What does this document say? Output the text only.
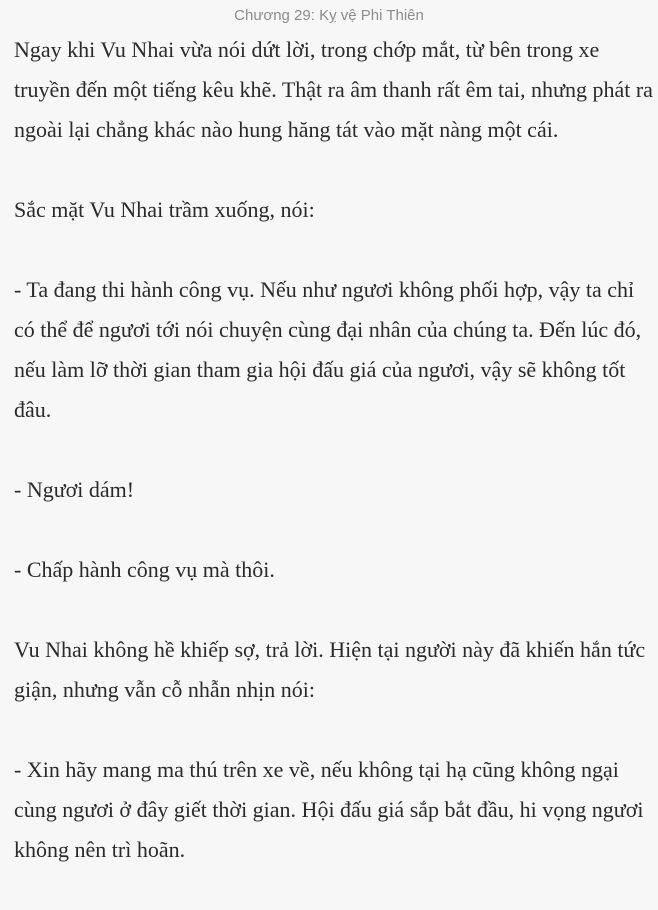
Chương 29: Kỵ vệ Phi Thiên

Ngay khi Vu Nhai vừa nói dứt lời, trong chớp mắt, từ bên trong xe truyền đến một tiếng kêu khẽ. Thật ra âm thanh rất êm tai, nhưng phát ra ngoài lại chẳng khác nào hung hăng tát vào mặt nàng một cái.

Sắc mặt Vu Nhai trầm xuống, nói:

- Ta đang thi hành công vụ. Nếu như ngươi không phối hợp, vậy ta chỉ có thể để ngươi tới nói chuyện cùng đại nhân của chúng ta. Đến lúc đó, nếu làm lỡ thời gian tham gia hội đấu giá của ngươi, vậy sẽ không tốt đâu.

- Ngươi dám!

- Chấp hành công vụ mà thôi.

Vu Nhai không hề khiếp sợ, trả lời. Hiện tại người này đã khiến hắn tức giận, nhưng vẫn cỗ nhẫn nhịn nói:

- Xin hãy mang ma thú trên xe về, nếu không tại hạ cũng không ngại cùng ngươi ở đây giết thời gian. Hội đấu giá sắp bắt đầu, hi vọng ngươi không nên trì hoãn.
